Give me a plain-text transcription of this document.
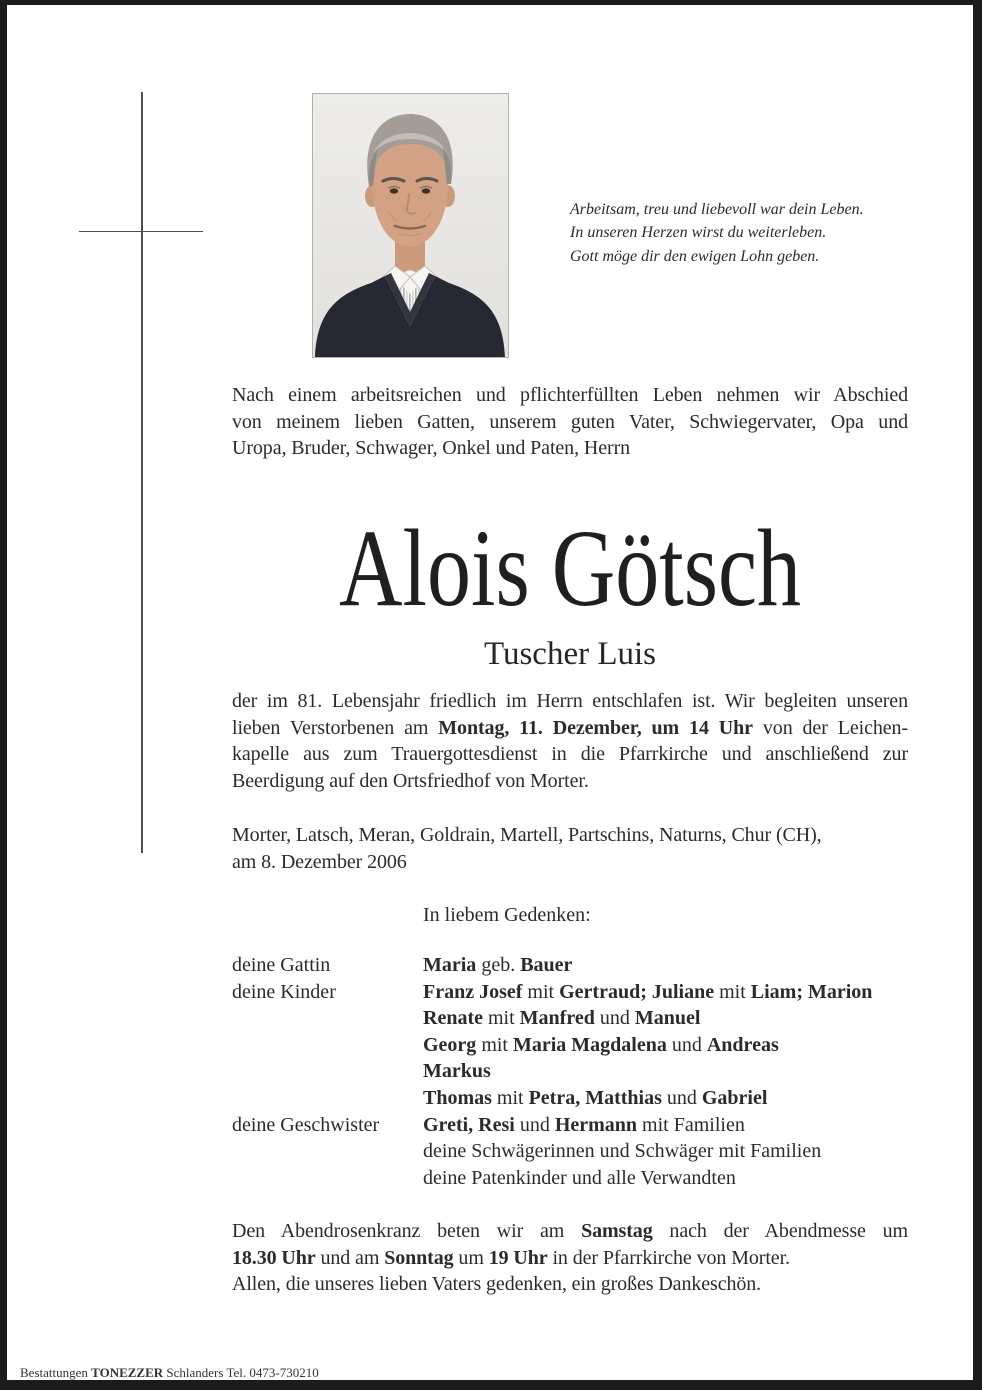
Arbeitsam, treu und liebevoll war dein Leben.
In unseren Herzen wirst du weiterleben.
Gott möge dir den ewigen Lohn geben.
Nach einem arbeitsreichen und pflichterfüllten Leben nehmen wir Abschied
von meinem lieben Gatten, unserem guten Vater, Schwiegervater, Opa und
Uropa, Bruder, Schwager, Onkel und Paten, Herrn
Alois Götsch
Tuscher Luis
der im 81. Lebensjahr friedlich im Herrn entschlafen ist. Wir begleiten unseren
lieben Verstorbenen am Montag, 11. Dezember, um 14 Uhr von der Leichen-
kapelle aus zum Trauergottesdienst in die Pfarrkirche und anschließend zur
Beerdigung auf den Ortsfriedhof von Morter.
Morter, Latsch, Meran, Goldrain, Martell, Partschins, Naturns, Chur (CH),
am 8. Dezember 2006
In liebem Gedenken:
deine Gattin	Maria geb. Bauer
deine Kinder	Franz Josef mit Gertraud; Juliane mit Liam; Marion
Renate mit Manfred und Manuel
Georg mit Maria Magdalena und Andreas
Markus
Thomas mit Petra, Matthias und Gabriel
deine Geschwister	Greti, Resi und Hermann mit Familien
deine Schwägerinnen und Schwäger mit Familien
deine Patenkinder und alle Verwandten
Den Abendrosenkranz beten wir am Samstag nach der Abendmesse um
18.30 Uhr und am Sonntag um 19 Uhr in der Pfarrkirche von Morter.
Allen, die unseres lieben Vaters gedenken, ein großes Dankeschön.
Bestattungen TONEZZER Schlanders Tel. 0473-730210
